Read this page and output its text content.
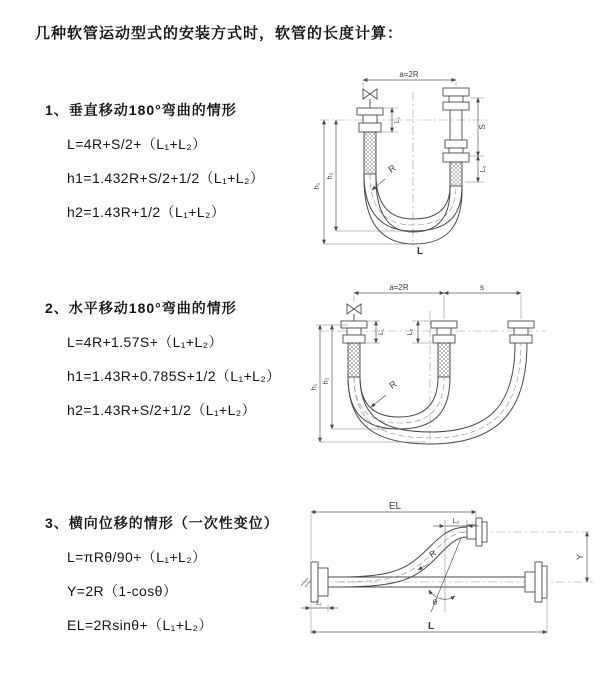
几种软管运动型式的安装方式时，软管的长度计算：
1、垂直移动180°弯曲的情形
L=4R+S/2+（L₁+L₂）
h1=1.432R+S/2+1/2（L₁+L₂）
h2=1.43R+1/2（L₁+L₂）
a=2R
S
L₂
L₁
h₁
h₂
R
L
2、水平移动180°弯曲的情形
L=4R+1.57S+（L₁+L₂）
h1=1.43R+0.785S+1/2（L₁+L₂）
h2=1.43R+S/2+1/2（L₁+L₂）
a=2R	s
L₁	L₂
h₁
h₂	R
3、横向位移的情形（一次性变位）
L=πRθ/90+（L₁+L₂）
Y=2R（1-cosθ）
EL=2Rsinθ+（L₁+L₂）
EL
L₂
θ
R	Y
L₁
L
